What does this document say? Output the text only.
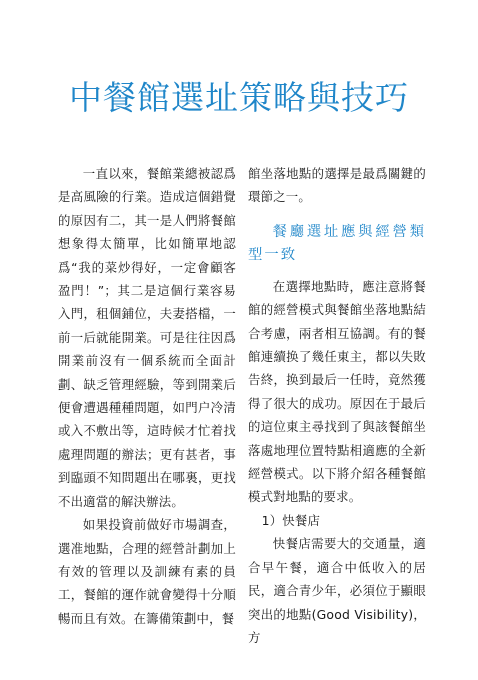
中餐館選址策略與技巧

一直以來，餐館業總被認爲是高風險的行業。造成這個錯覺的原因有二，其一是人們將餐館想象得太簡單，比如簡單地認爲“我的菜炒得好，一定會顧客盈門！”；其二是這個行業容易入門，租個鋪位，夫妻搭檔，一前一后就能開業。可是往往因爲開業前沒有一個系統而全面計劃、缺乏管理經驗，等到開業后便會遭遇種種問題，如門户冷清或入不敷出等，這時候才忙着找處理問題的辦法；更有甚者，事到臨頭不知問題出在哪裏，更找不出適當的解決辦法。

如果投資前做好市場調查，選准地點，合理的經營計劃加上有效的管理以及訓練有素的員工，餐館的運作就會變得十分順暢而且有效。在籌備策劃中，餐

館坐落地點的選擇是最爲關鍵的環節之一。

餐廳選址應與經營類型一致

在選擇地點時，應注意將餐館的經營模式與餐館坐落地點結合考慮，兩者相互協調。有的餐館連續换了幾任東主，都以失敗告終，换到最后一任時，竟然獲得了很大的成功。原因在于最后的這位東主尋找到了與該餐館坐落處地理位置特點相適應的全新經營模式。以下將介紹各種餐館模式對地點的要求。

1）快餐店

快餐店需要大的交通量，適合早午餐，適合中低收入的居民，適合青少年，必須位于顯眼突出的地點(Good Visibility)，方
